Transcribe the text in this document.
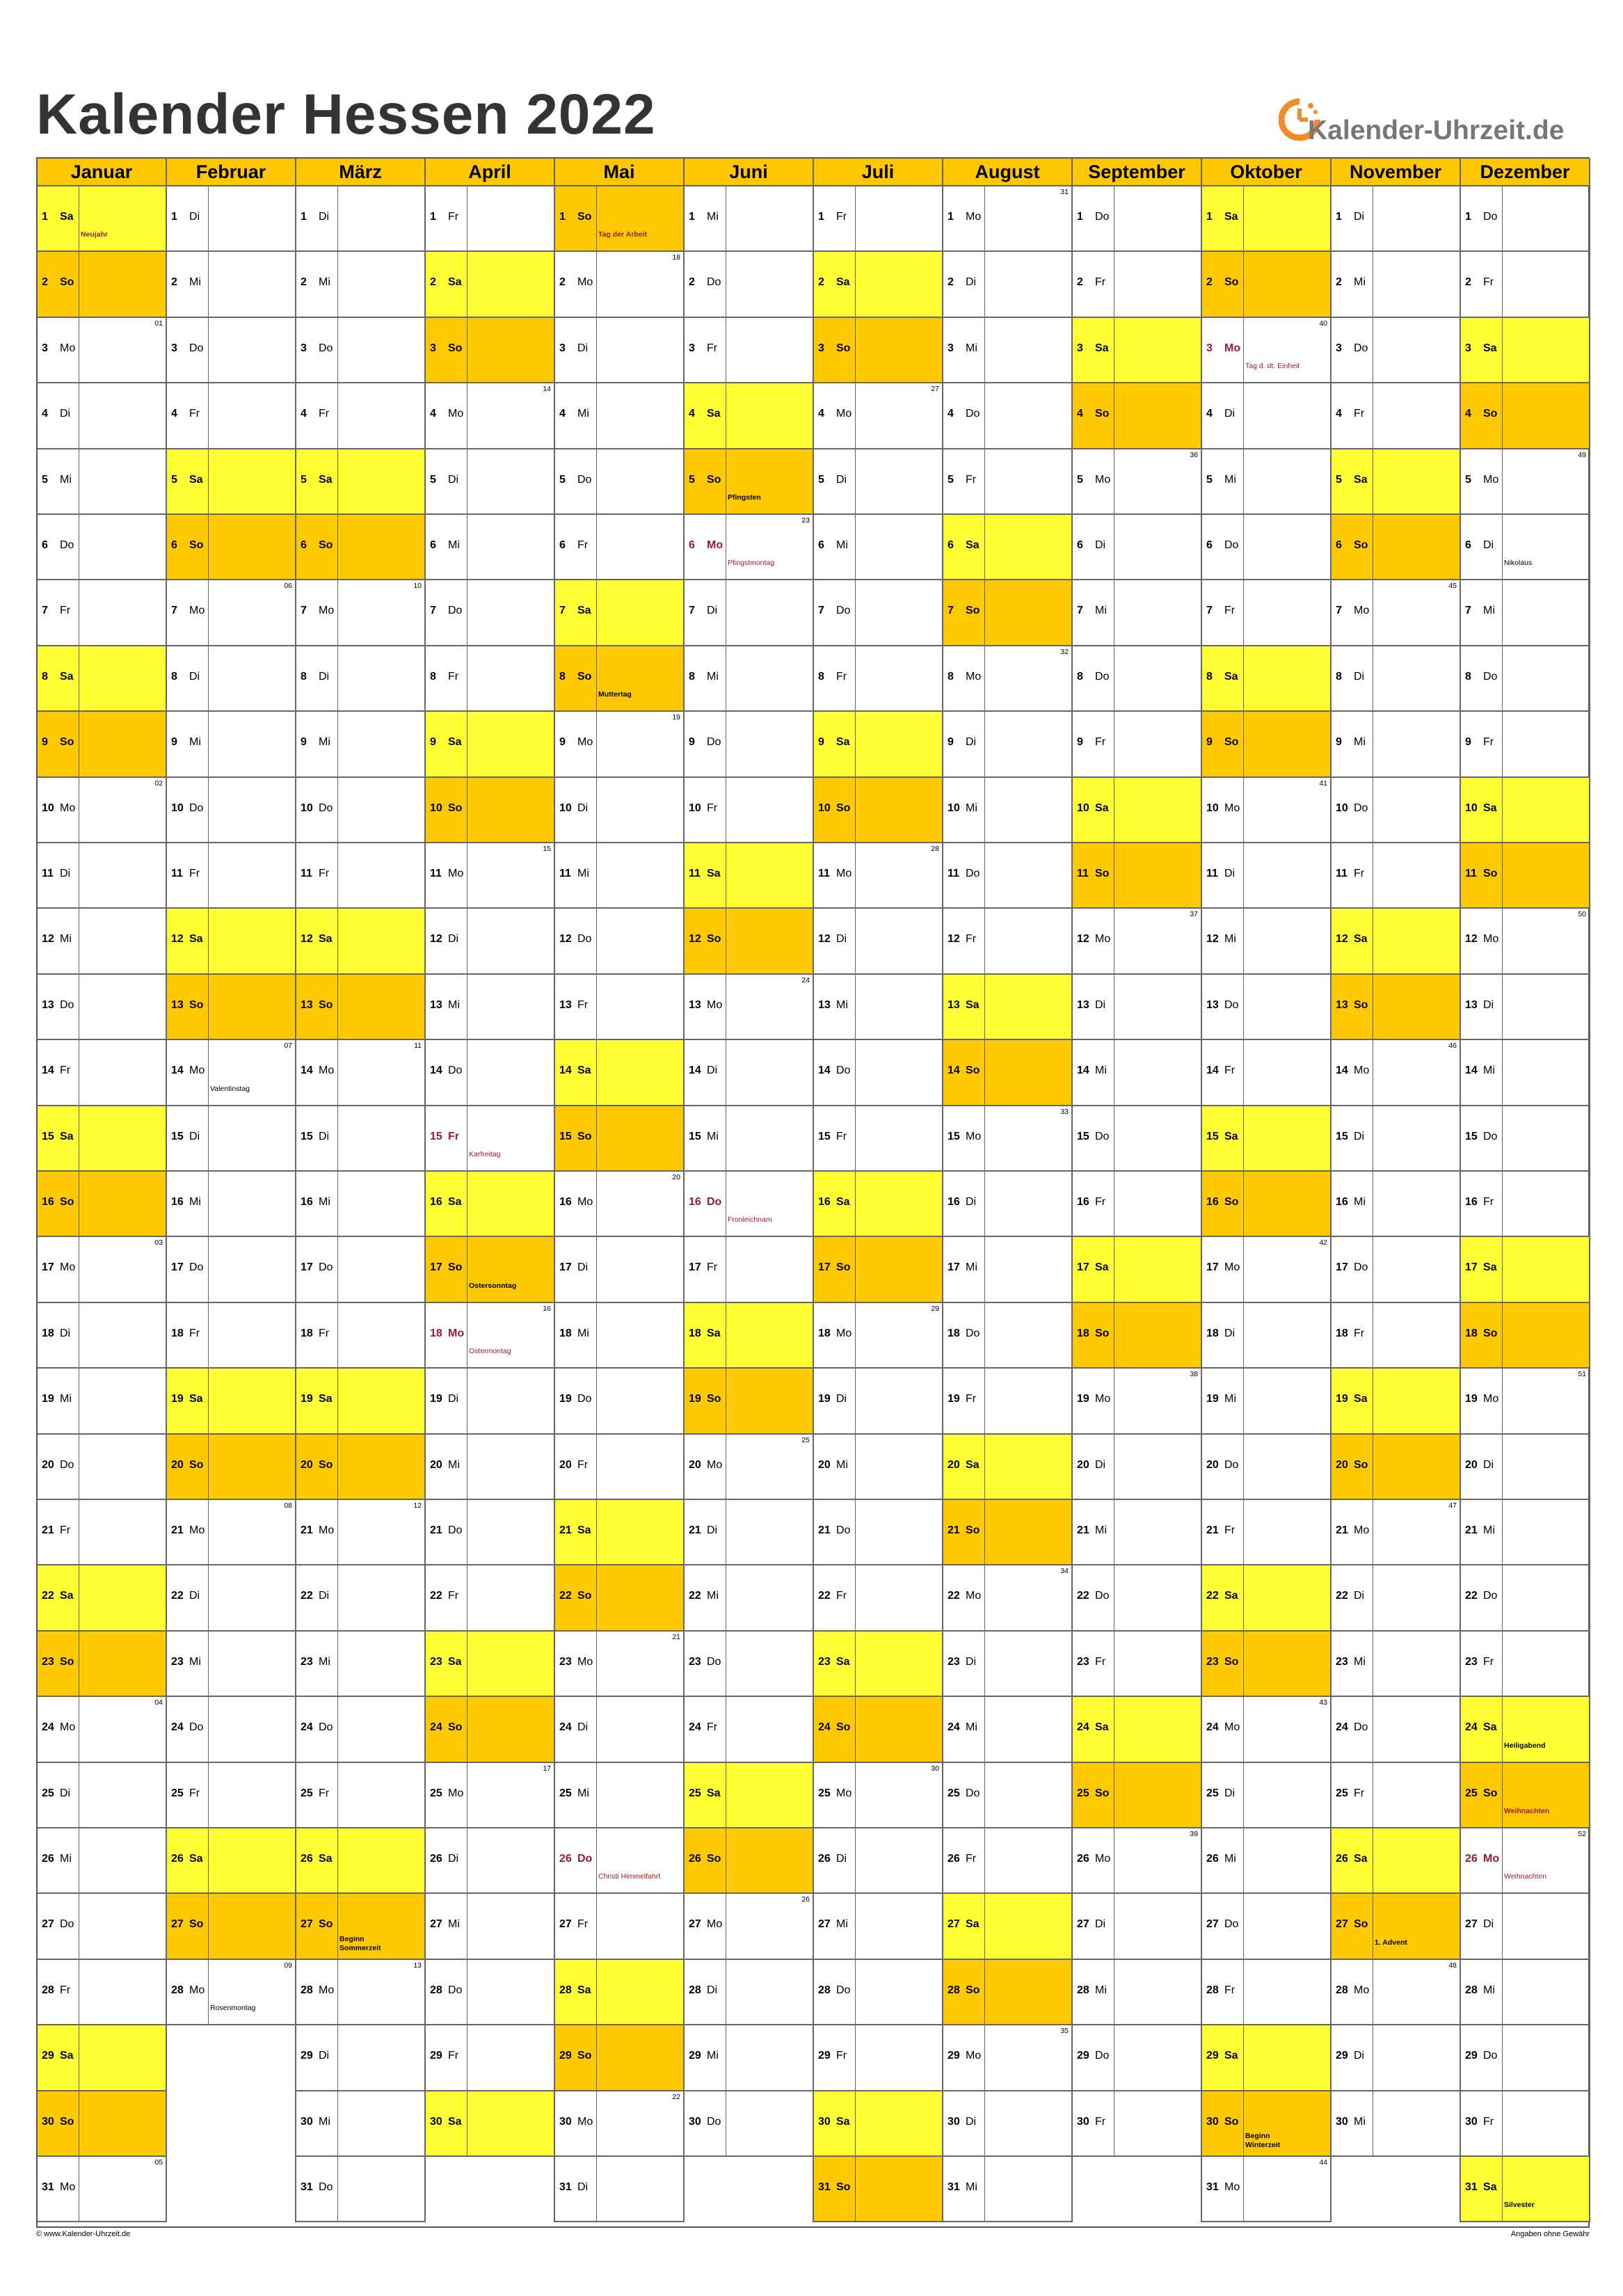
Kalender Hessen 2022	Kalender-Uhrzeit.de
Januar
1 Sa
Neujahr
2 So
3 Mo
01
4 Di
5 Mi
6 Do
7 Fr
8 Sa
9 So
10 Mo
02
11 Di
12 Mi
13 Do
14 Fr
15 Sa
16 So
17 Mo
03
18 Di
19 Mi
20 Do
21 Fr
22 Sa
23 So
24 Mo
04
25 Di
26 Mi
27 Do
28 Fr
29 Sa
30 So
31 Mo
05
Februar
1 Di
2 Mi
3 Do
4 Fr
5 Sa
6 So
7 Mo
06
8 Di
9 Mi
10 Do
11 Fr
12 Sa
13 So
14 Mo
Valentinstag
07
15 Di
16 Mi
17 Do
18 Fr
19 Sa
20 So
21 Mo
08
22 Di
23 Mi
24 Do
25 Fr
26 Sa
27 So
28 Mo
Rosenmontag
09
März
1 Di
2 Mi
3 Do
4 Fr
5 Sa
6 So
7 Mo
10
8 Di
9 Mi
10 Do
11 Fr
12 Sa
13 So
14 Mo
11
15 Di
16 Mi
17 Do
18 Fr
19 Sa
20 So
21 Mo
12
22 Di
23 Mi
24 Do
25 Fr
26 Sa
27 So
Beginn
Sommerzeit
28 Mo
13
29 Di
30 Mi
31 Do
April
1 Fr
2 Sa
3 So
4 Mo
14
5 Di
6 Mi
7 Do
8 Fr
9 Sa
10 So
11 Mo
15
12 Di
13 Mi
14 Do
15 Fr
Karfreitag
16 Sa
17 So
Ostersonntag
18 Mo
Ostermontag
16
19 Di
20 Mi
21 Do
22 Fr
23 Sa
24 So
25 Mo
17
26 Di
27 Mi
28 Do
29 Fr
30 Sa
Mai
1 So
Tag der Arbeit
2 Mo
18
3 Di
4 Mi
5 Do
6 Fr
7 Sa
8 So
Muttertag
9 Mo
19
10 Di
11 Mi
12 Do
13 Fr
14 Sa
15 So
16 Mo
20
17 Di
18 Mi
19 Do
20 Fr
21 Sa
22 So
23 Mo
21
24 Di
25 Mi
26 Do
Christi Himmelfahrt
27 Fr
28 Sa
29 So
30 Mo
22
31 Di
Juni
1 Mi
2 Do
3 Fr
4 Sa
5 So
Pfingsten
6 Mo
Pfingstmontag
23
7 Di
8 Mi
9 Do
10 Fr
11 Sa
12 So
13 Mo
24
14 Di
15 Mi
16 Do
Fronleichnam
17 Fr
18 Sa
19 So
20 Mo
25
21 Di
22 Mi
23 Do
24 Fr
25 Sa
26 So
27 Mo
26
28 Di
29 Mi
30 Do
Juli
1 Fr
2 Sa
3 So
4 Mo
27
5 Di
6 Mi
7 Do
8 Fr
9 Sa
10 So
11 Mo
28
12 Di
13 Mi
14 Do
15 Fr
16 Sa
17 So
18 Mo
29
19 Di
20 Mi
21 Do
22 Fr
23 Sa
24 So
25 Mo
30
26 Di
27 Mi
28 Do
29 Fr
30 Sa
31 So
August
1 Mo
31
2 Di
3 Mi
4 Do
5 Fr
6 Sa
7 So
8 Mo
32
9 Di
10 Mi
11 Do
12 Fr
13 Sa
14 So
15 Mo
33
16 Di
17 Mi
18 Do
19 Fr
20 Sa
21 So
22 Mo
34
23 Di
24 Mi
25 Do
26 Fr
27 Sa
28 So
29 Mo
35
30 Di
31 Mi
September
1 Do
2 Fr
3 Sa
4 So
5 Mo
36
6 Di
7 Mi
8 Do
9 Fr
10 Sa
11 So
12 Mo
37
13 Di
14 Mi
15 Do
16 Fr
17 Sa
18 So
19 Mo
38
20 Di
21 Mi
22 Do
23 Fr
24 Sa
25 So
26 Mo
39
27 Di
28 Mi
29 Do
30 Fr
Oktober
1 Sa
2 So
3 Mo
Tag d. dt. Einheit
40
4 Di
5 Mi
6 Do
7 Fr
8 Sa
9 So
10 Mo
41
11 Di
12 Mi
13 Do
14 Fr
15 Sa
16 So
17 Mo
42
18 Di
19 Mi
20 Do
21 Fr
22 Sa
23 So
24 Mo
43
25 Di
26 Mi
27 Do
28 Fr
29 Sa
30 So
Beginn
Winterzeit
31 Mo
44
November
1 Di
2 Mi
3 Do
4 Fr
5 Sa
6 So
7 Mo
45
8 Di
9 Mi
10 Do
11 Fr
12 Sa
13 So
14 Mo
46
15 Di
16 Mi
17 Do
18 Fr
19 Sa
20 So
21 Mo
47
22 Di
23 Mi
24 Do
25 Fr
26 Sa
27 So
1. Advent
28 Mo
48
29 Di
30 Mi
Dezember
1 Do
2 Fr
3 Sa
4 So
5 Mo
49
6 Di
Nikolaus
7 Mi
8 Do
9 Fr
10 Sa
11 So
12 Mo
50
13 Di
14 Mi
15 Do
16 Fr
17 Sa
18 So
19 Mo
51
20 Di
21 Mi
22 Do
23 Fr
24 Sa
Heiligabend
25 So
Weihnachten
26 Mo
Weihnachten
52
27 Di
28 Mi
29 Do
30 Fr
31 Sa
Silvester
© www.Kalender-Uhrzeit.de	Angaben ohne Gewähr
